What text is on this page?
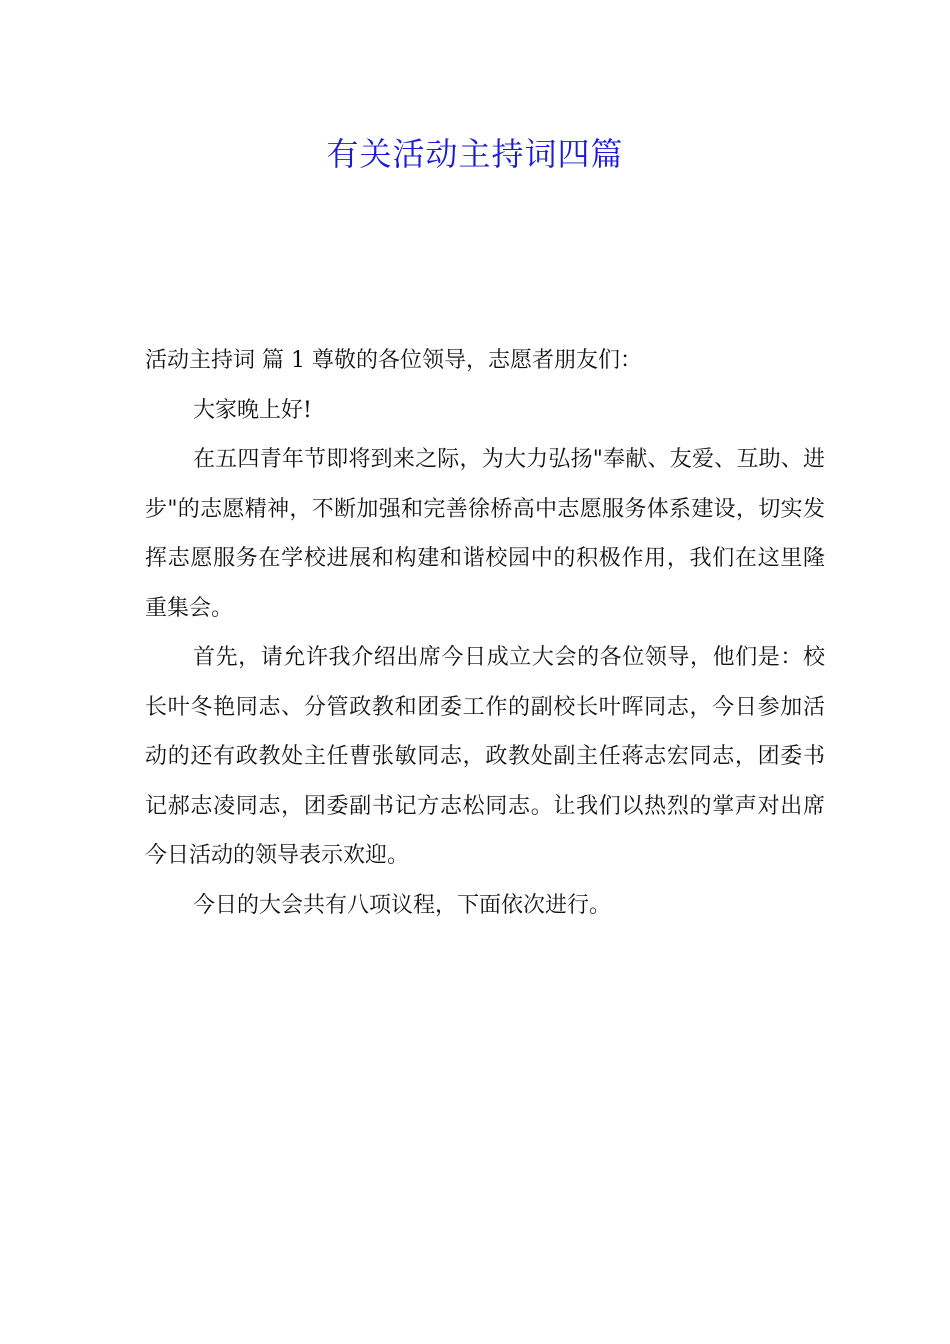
有关活动主持词四篇

活动主持词 篇 1 尊敬的各位领导，志愿者朋友们：

大家晚上好!

在五四青年节即将到来之际，为大力弘扬"奉献、友爱、互助、进步"的志愿精神，不断加强和完善徐桥高中志愿服务体系建设，切实发挥志愿服务在学校进展和构建和谐校园中的积极作用，我们在这里隆重集会。

首先，请允许我介绍出席今日成立大会的各位领导，他们是：校长叶冬艳同志、分管政教和团委工作的副校长叶晖同志，今日参加活动的还有政教处主任曹张敏同志，政教处副主任蒋志宏同志，团委书记郝志凌同志，团委副书记方志松同志。让我们以热烈的掌声对出席今日活动的领导表示欢迎。

今日的大会共有八项议程，下面依次进行。
